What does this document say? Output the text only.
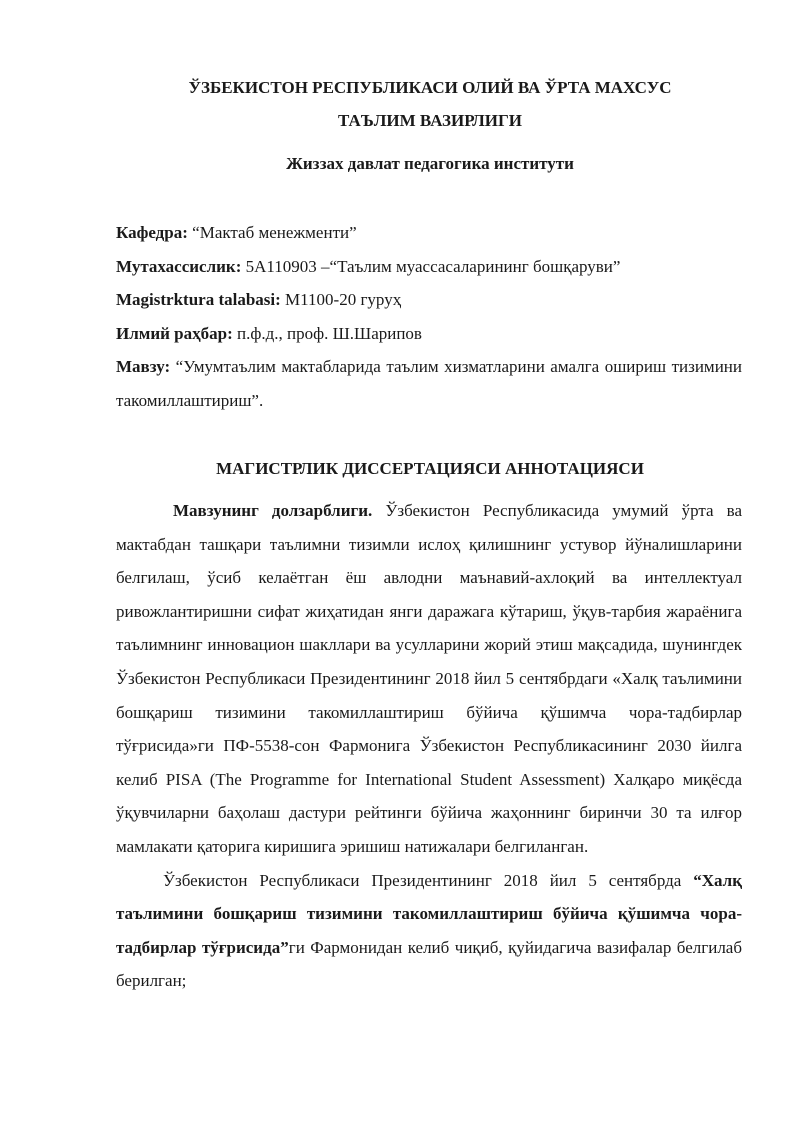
ЎЗБЕКИСТОН РЕСПУБЛИКАСИ ОЛИЙ ВА ЎРТА МАХСУС
ТАЪЛИМ ВАЗИРЛИГИ
Жиззах давлат педагогика институти

Кафедра: “Мактаб менежменти”

Мутахассислик: 5A110903 –“Таълим муассасаларининг бошқаруви”

Magistrktura talabasi: M1100-20 гуруҳ

Илмий раҳбар: п.ф.д., проф. Ш.Шарипов

Мавзу: “Умумтаълим мактабларида таълим хизматларини амалга ошириш тизимини такомиллаштириш”.

МАГИСТРЛИК ДИССЕРТАЦИЯСИ АННОТАЦИЯСИ

Мавзунинг долзарблиги. Ўзбекистон Республикасида умумий ўрта ва мактабдан ташқари таълимни тизимли ислоҳ қилишнинг устувор йўналишларини белгилаш, ўсиб келаётган ёш авлодни маънавий-ахлоқий ва интеллектуал ривожлантиришни сифат жиҳатидан янги даражага кўтариш, ўқув-тарбия жараёнига таълимнинг инновацион шакллари ва усулларини жорий этиш мақсадида, шунингдек Ўзбекистон Республикаси Президентининг 2018 йил 5 сентябрдаги «Халқ таълимини бошқариш тизимини такомиллаштириш бўйича қўшимча чора-тадбирлар тўғрисида»ги ПФ-5538-сон Фармонига Ўзбекистон Республикасининг 2030 йилга келиб PISA (The Programme for International Student Assessment) Халқаро миқёсда ўқувчиларни баҳолаш дастури рейтинги бўйича жаҳоннинг биринчи 30 та илғор мамлакати қаторига киришига эришиш натижалари белгиланган.

Ўзбекистон Республикаси Президентининг 2018 йил 5 сентябрда “Халқ таълимини бошқариш тизимини такомиллаштириш бўйича қўшимча чора-тадбирлар тўғрисида”ги Фармонидан келиб чиқиб, қуйидагича вазифалар белгилаб берилган;
